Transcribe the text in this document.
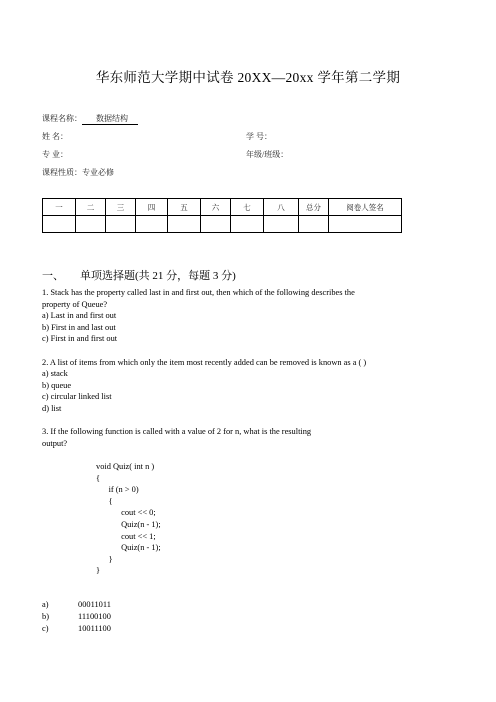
华东师范大学期中试卷 20XX—20xx 学年第二学期
课程名称： 数据结构
姓 名：	学 号：
专 业：	年级/班级：
课程性质：专业必修
一	二	三	四	五	六	七	八	总分	阅卷人签名

一、 单项选择题(共 21 分，每题 3 分)

1. Stack has the property called last in and first out, then which of the following describes the

property of Queue?

a) Last in and first out

b) First in and last out

c) First in and first out

2. A list of items from which only the item most recently added can be removed is known as a ( )

a) stack

b) queue

c) circular linked list

d) list

3. If the following function is called with a value of 2 for n, what is the resulting

output?

void Quiz( int n )
{
if (n > 0)
{
cout << 0;
Quiz(n - 1);
cout << 1;
Quiz(n - 1);
}
}
a)	00011011
b)	11100100
c)	10011100
